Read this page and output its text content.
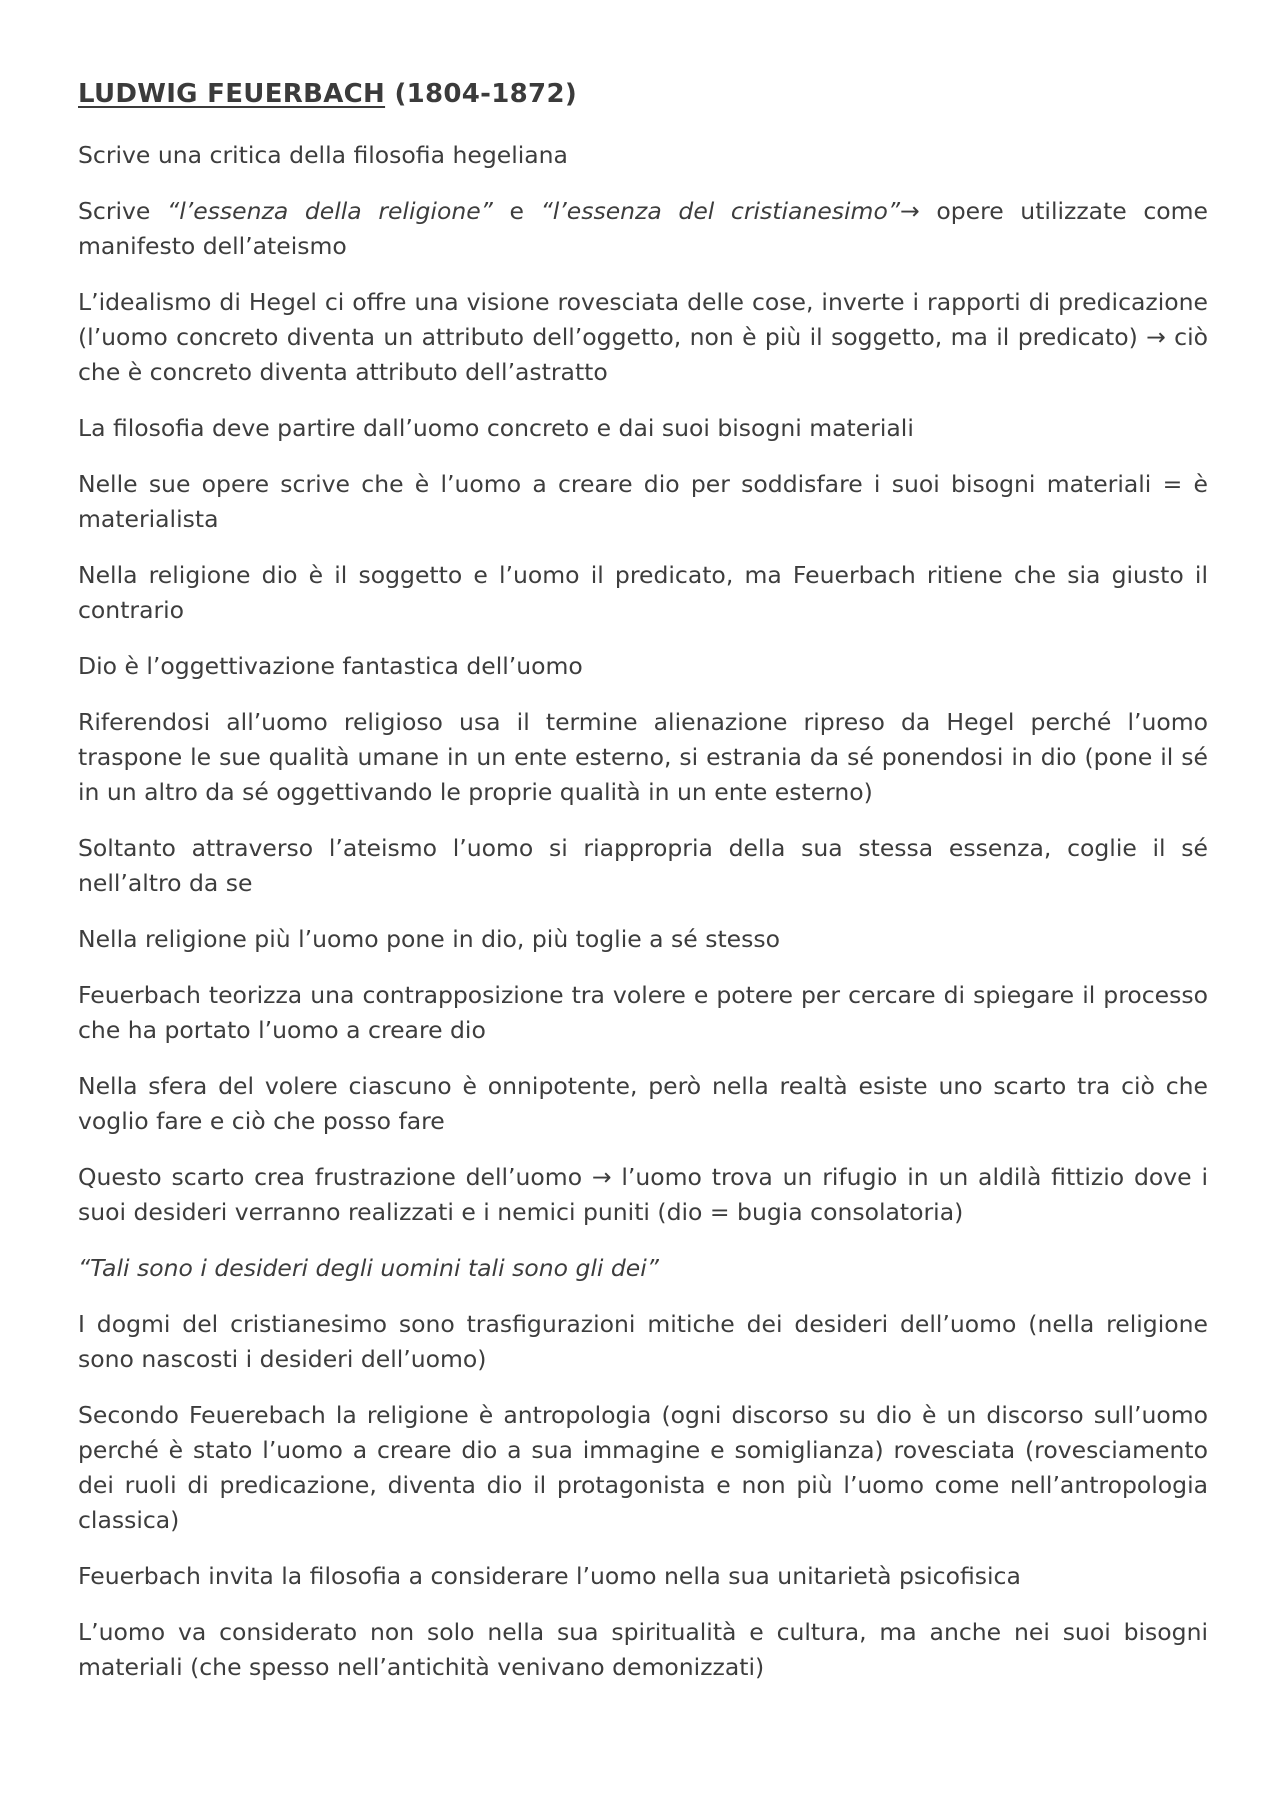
LUDWIG FEUERBACH (1804-1872)

Scrive una critica della filosofia hegeliana

Scrive “l’essenza della religione” e “l’essenza del cristianesimo”→ opere utilizzate come manifesto dell’ateismo

L’idealismo di Hegel ci offre una visione rovesciata delle cose, inverte i rapporti di predicazione (l’uomo concreto diventa un attributo dell’oggetto, non è più il soggetto, ma il predicato) → ciò che è concreto diventa attributo dell’astratto

La filosofia deve partire dall’uomo concreto e dai suoi bisogni materiali

Nelle sue opere scrive che è l’uomo a creare dio per soddisfare i suoi bisogni materiali = è materialista

Nella religione dio è il soggetto e l’uomo il predicato, ma Feuerbach ritiene che sia giusto il contrario

Dio è l’oggettivazione fantastica dell’uomo

Riferendosi all’uomo religioso usa il termine alienazione ripreso da Hegel perché l’uomo traspone le sue qualità umane in un ente esterno, si estrania da sé ponendosi in dio (pone il sé in un altro da sé oggettivando le proprie qualità in un ente esterno)

Soltanto attraverso l’ateismo l’uomo si riappropria della sua stessa essenza, coglie il sé nell’altro da se

Nella religione più l’uomo pone in dio, più toglie a sé stesso

Feuerbach teorizza una contrapposizione tra volere e potere per cercare di spiegare il processo che ha portato l’uomo a creare dio

Nella sfera del volere ciascuno è onnipotente, però nella realtà esiste uno scarto tra ciò che voglio fare e ciò che posso fare

Questo scarto crea frustrazione dell’uomo → l’uomo trova un rifugio in un aldilà fittizio dove i suoi desideri verranno realizzati e i nemici puniti (dio = bugia consolatoria)

“Tali sono i desideri degli uomini tali sono gli dei”

I dogmi del cristianesimo sono trasfigurazioni mitiche dei desideri dell’uomo (nella religione sono nascosti i desideri dell’uomo)

Secondo Feuerebach la religione è antropologia (ogni discorso su dio è un discorso sull’uomo perché è stato l’uomo a creare dio a sua immagine e somiglianza) rovesciata (rovesciamento dei ruoli di predicazione, diventa dio il protagonista e non più l’uomo come nell’antropologia classica)

Feuerbach invita la filosofia a considerare l’uomo nella sua unitarietà psicofisica

L’uomo va considerato non solo nella sua spiritualità e cultura, ma anche nei suoi bisogni materiali (che spesso nell’antichità venivano demonizzati)
